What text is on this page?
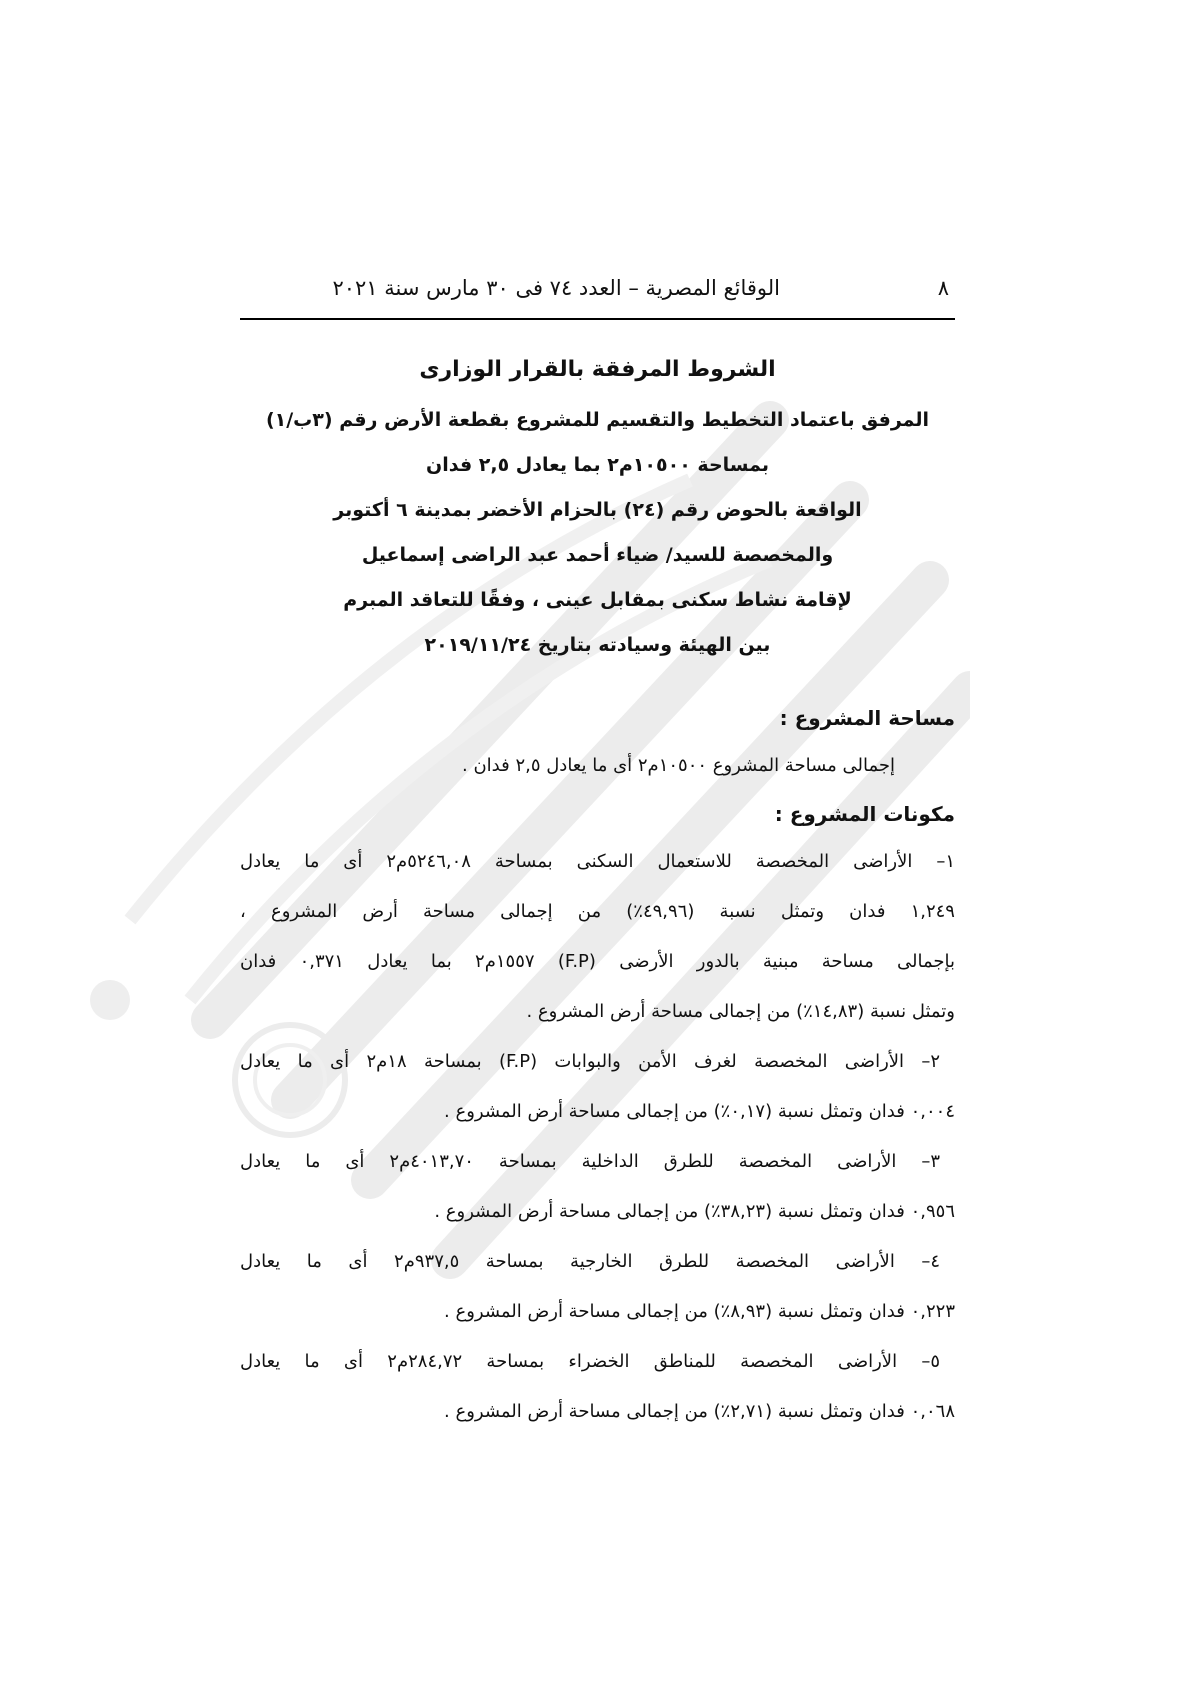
٨
الوقائع المصرية – العدد ٧٤ فى ٣٠ مارس سنة ٢٠٢١
الشروط المرفقة بالقرار الوزارى
المرفق باعتماد التخطيط والتقسيم للمشروع بقطعة الأرض رقم (٣ب/١)
بمساحة ١٠٥٠٠م٢ بما يعادل ٢,٥ فدان
الواقعة بالحوض رقم (٢٤) بالحزام الأخضر بمدينة ٦ أكتوبر
والمخصصة للسيد/ ضياء أحمد عبد الراضى إسماعيل
لإقامة نشاط سكنى بمقابل عينى ، وفقًا للتعاقد المبرم
بين الهيئة وسيادته بتاريخ ٢٠١٩/١١/٢٤
مساحة المشروع :
إجمالى مساحة المشروع ١٠٥٠٠م٢ أى ما يعادل ٢,٥ فدان .
مكونات المشروع :
١– الأراضى المخصصة للاستعمال السكنى بمساحة ٥٢٤٦,٠٨م٢ أى ما يعادل
١,٢٤٩ فدان وتمثل نسبة (٤٩,٩٦٪) من إجمالى مساحة أرض المشروع ،
بإجمالى مساحة مبنية بالدور الأرضى (F.P) ١٥٥٧م٢ بما يعادل ٠,٣٧١ فدان
وتمثل نسبة (١٤,٨٣٪) من إجمالى مساحة أرض المشروع .
٢– الأراضى المخصصة لغرف الأمن والبوابات (F.P) بمساحة ١٨م٢ أى ما يعادل
٠,٠٠٤ فدان وتمثل نسبة (٠,١٧٪) من إجمالى مساحة أرض المشروع .
٣– الأراضى المخصصة للطرق الداخلية بمساحة ٤٠١٣,٧٠م٢ أى ما يعادل
٠,٩٥٦ فدان وتمثل نسبة (٣٨,٢٣٪) من إجمالى مساحة أرض المشروع .
٤– الأراضى المخصصة للطرق الخارجية بمساحة ٩٣٧,٥م٢ أى ما يعادل
٠,٢٢٣ فدان وتمثل نسبة (٨,٩٣٪) من إجمالى مساحة أرض المشروع .
٥– الأراضى المخصصة للمناطق الخضراء بمساحة ٢٨٤,٧٢م٢ أى ما يعادل
٠,٠٦٨ فدان وتمثل نسبة (٢,٧١٪) من إجمالى مساحة أرض المشروع .
